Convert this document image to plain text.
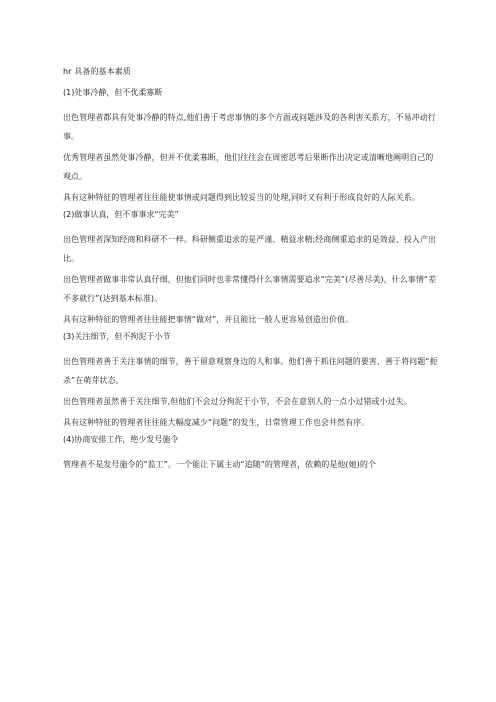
hr 具备的基本素质
(1)处事冷静，但不优柔寡断
出色管理者都具有处事冷静的特点,他们善于考虑事情的多个方面或问题涉及的各利害关系方，不易冲动行事。
优秀管理者虽然处事冷静，但并不优柔寡断，他们往往会在周密思考后果断作出决定或清晰地阐明自己的观点。
具有这种特征的管理者往往能使事情或问题得到比较妥当的处理,同时又有利于形成良好的人际关系。
(2)做事认真，但不事事求“完美”
出色管理者深知经商和科研不一样。科研侧重追求的是严谨、精益求精;经商侧重追求的是效益、投入产出比。
出色管理者做事非常认真仔细，但他们同时也非常懂得什么事情需要追求“完美”(尽善尽美)，什么事情“差不多就行”(达到基本标准)。
具有这种特征的管理者往往能把事情“做对”，并且能比一般人更容易创造出价值。
(3)关注细节，但不拘泥于小节
出色管理者善于关注事情的细节，善于留意观察身边的人和事。他们善于抓住问题的要害，善于将问题“扼杀”在萌芽状态。
出色管理者虽然善于关注细节,但他们不会过分拘泥于小节，不会在意别人的一点小过错或小过失。
具有这种特征的管理者往往能大幅度减少“问题”的发生，日常管理工作也会井然有序。
(4)协商安排工作，绝少发号施令
管理者不是发号施令的“监工”。一个能让下属主动“追随”的管理者，依赖的是他(她)的个
